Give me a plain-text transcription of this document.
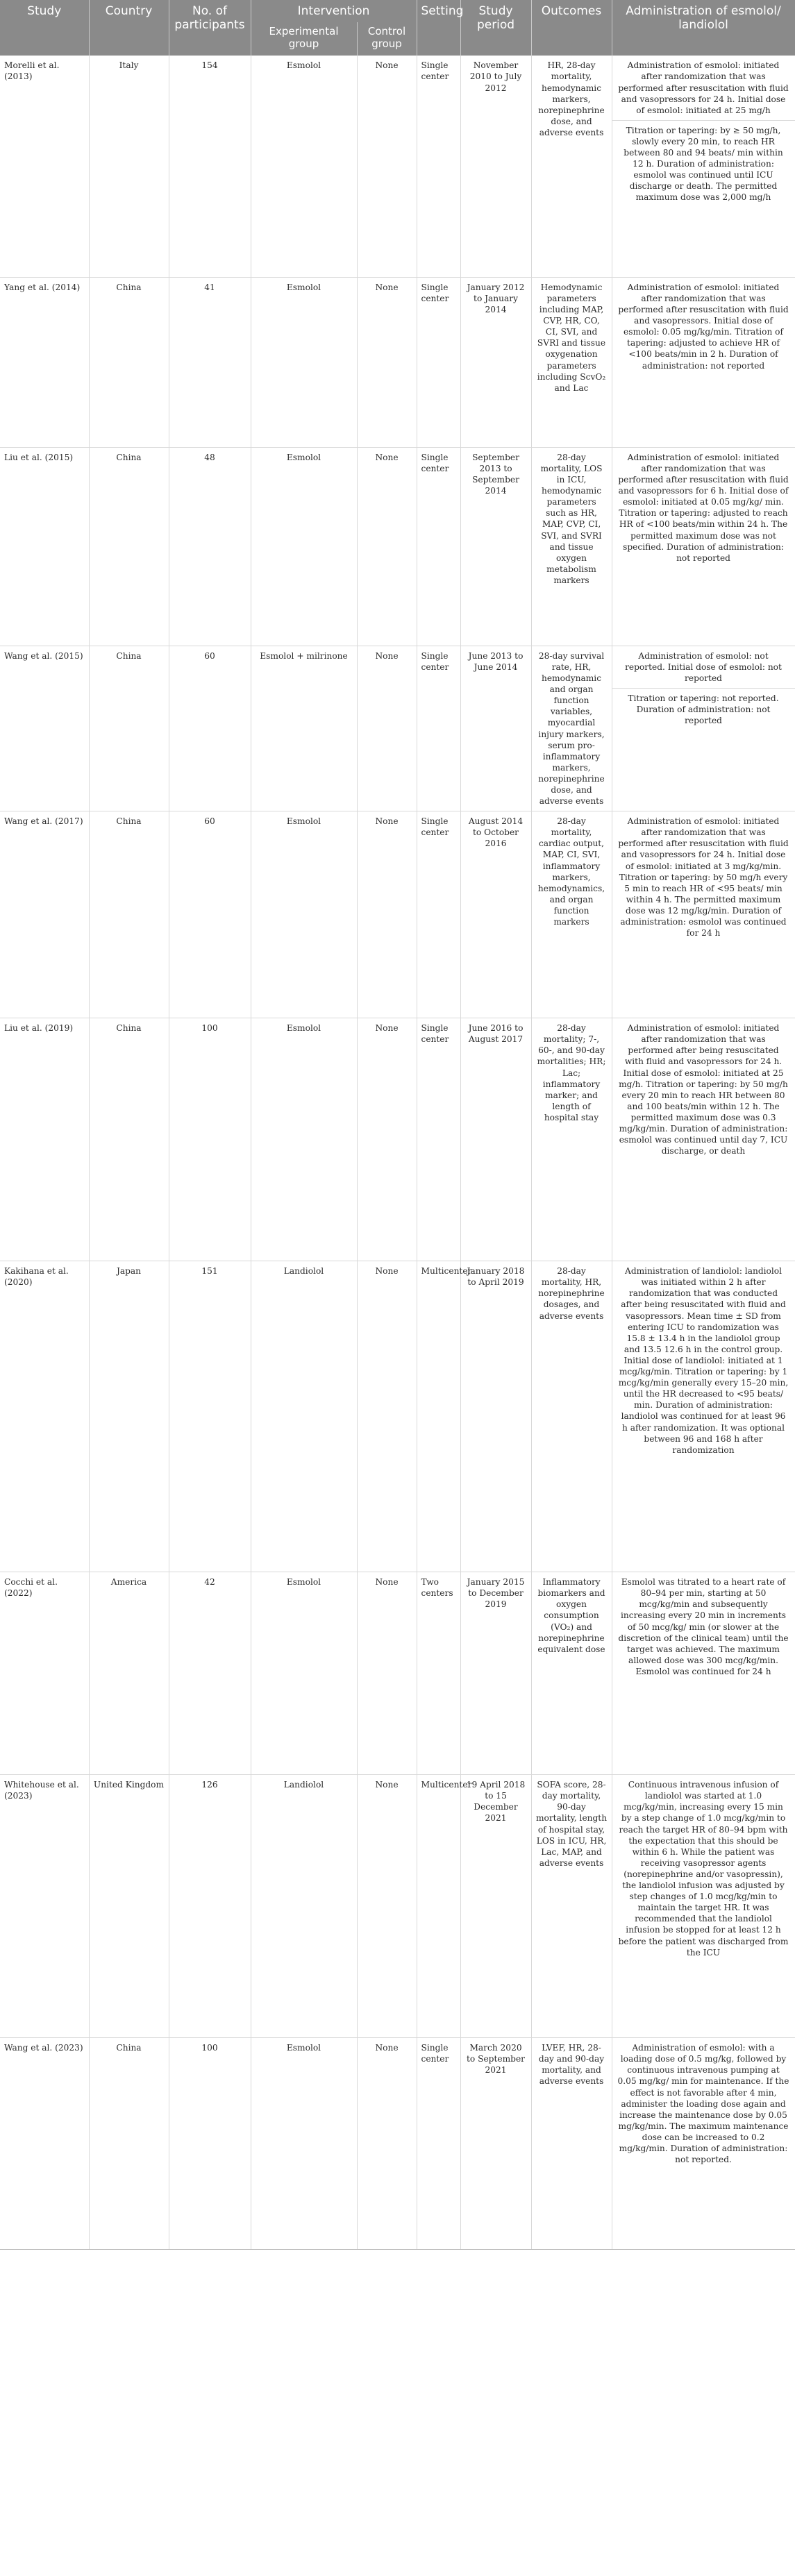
Study	Country	No. of participants	Intervention		Setting	Study period	Outcomes	Administration of esmolol/ landiolol
			Experimental group	Control group				
Morelli et al. (2013)	Italy	154	Esmolol	None	Single center	November 2010 to July 2012	HR, 28-day mortality, hemodynamic markers, norepinephrine dose, and adverse events	Administration of esmolol: initiated after randomization that was performed after resuscitation with fluid and vasopressors for 24 h. Initial dose of esmolol: initiated at 25 mg/h
Titration or tapering: by ≥ 50 mg/h, slowly every 20 min, to reach HR between 80 and 94 beats/ min within 12 h. Duration of administration: esmolol was continued until ICU discharge or death. The permitted maximum dose was 2,000 mg/h

Yang et al. (2014)	China	41	Esmolol	None	Single center	January 2012 to January 2014	Hemodynamic parameters including MAP, CVP, HR, CO, CI, SVI, and SVRI and tissue oxygenation parameters including ScvO₂ and Lac	Administration of esmolol: initiated after randomization that was performed after resuscitation with fluid and vasopressors. Initial dose of esmolol: 0.05 mg/kg/min. Titration of tapering: adjusted to achieve HR of <100 beats/min in 2 h. Duration of administration: not reported

Liu et al. (2015)	China	48	Esmolol	None	Single center	September 2013 to September 2014	28-day mortality, LOS in ICU, hemodynamic parameters such as HR, MAP, CVP, CI, SVI, and SVRI and tissue oxygen metabolism markers	Administration of esmolol: initiated after randomization that was performed after resuscitation with fluid and vasopressors for 6 h. Initial dose of esmolol: initiated at 0.05 mg/kg/ min. Titration or tapering: adjusted to reach HR of <100 beats/min within 24 h. The permitted maximum dose was not specified. Duration of administration: not reported

Wang et al. (2015)	China	60	Esmolol + milrinone	None	Single center	June 2013 to June 2014	28-day survival rate, HR, hemodynamic and organ function variables, myocardial injury markers, serum pro-inflammatory markers, norepinephrine dose, and adverse events	Administration of esmolol: not reported. Initial dose of esmolol: not reported
Titration or tapering: not reported. Duration of administration: not reported

Wang et al. (2017)	China	60	Esmolol	None	Single center	August 2014 to October 2016	28-day mortality, cardiac output, MAP, CI, SVI, inflammatory markers, hemodynamics, and organ function markers	Administration of esmolol: initiated after randomization that was performed after resuscitation with fluid and vasopressors for 24 h. Initial dose of esmolol: initiated at 3 mg/kg/min. Titration or tapering: by 50 mg/h every 5 min to reach HR of <95 beats/ min within 4 h. The permitted maximum dose was 12 mg/kg/min. Duration of administration: esmolol was continued for 24 h

Liu et al. (2019)	China	100	Esmolol	None	Single center	June 2016 to August 2017	28-day mortality; 7-, 60-, and 90-day mortalities; HR; Lac; inflammatory marker; and length of hospital stay	Administration of esmolol: initiated after randomization that was performed after being resuscitated with fluid and vasopressors for 24 h. Initial dose of esmolol: initiated at 25 mg/h. Titration or tapering: by 50 mg/h every 20 min to reach HR between 80 and 100 beats/min within 12 h. The permitted maximum dose was 0.3 mg/kg/min. Duration of administration: esmolol was continued until day 7, ICU discharge, or death

Kakihana et al. (2020)	Japan	151	Landiolol	None	Multicenter	January 2018 to April 2019	28-day mortality, HR, norepinephrine dosages, and adverse events	Administration of landiolol: landiolol was initiated within 2 h after randomization that was conducted after being resuscitated with fluid and vasopressors. Mean time ± SD from entering ICU to randomization was 15.8 ± 13.4 h in the landiolol group and 13.5 12.6 h in the control group. Initial dose of landiolol: initiated at 1 mcg/kg/min. Titration or tapering: by 1 mcg/kg/min generally every 15–20 min, until the HR decreased to <95 beats/ min. Duration of administration: landiolol was continued for at least 96 h after randomization. It was optional between 96 and 168 h after randomization

Cocchi et al. (2022)	America	42	Esmolol	None	Two centers	January 2015 to December 2019	Inflammatory biomarkers and oxygen consumption (VO₂) and norepinephrine equivalent dose	Esmolol was titrated to a heart rate of 80–94 per min, starting at 50 mcg/kg/min and subsequently increasing every 20 min in increments of 50 mcg/kg/ min (or slower at the discretion of the clinical team) until the target was achieved. The maximum allowed dose was 300 mcg/kg/min. Esmolol was continued for 24 h

Whitehouse et al. (2023)	United Kingdom	126	Landiolol	None	Multicenter	19 April 2018 to 15 December 2021	SOFA score, 28-day mortality, 90-day mortality, length of hospital stay, LOS in ICU, HR, Lac, MAP, and adverse events	Continuous intravenous infusion of landiolol was started at 1.0 mcg/kg/min, increasing every 15 min by a step change of 1.0 mcg/kg/min to reach the target HR of 80–94 bpm with the expectation that this should be within 6 h. While the patient was receiving vasopressor agents (norepinephrine and/or vasopressin), the landiolol infusion was adjusted by step changes of 1.0 mcg/kg/min to maintain the target HR. It was recommended that the landiolol infusion be stopped for at least 12 h before the patient was discharged from the ICU

Wang et al. (2023)	China	100	Esmolol	None	Single center	March 2020 to September 2021	LVEF, HR, 28-day and 90-day mortality, and adverse events	Administration of esmolol: with a loading dose of 0.5 mg/kg, followed by continuous intravenous pumping at 0.05 mg/kg/ min for maintenance. If the effect is not favorable after 4 min, administer the loading dose again and increase the maintenance dose by 0.05 mg/kg/min. The maximum maintenance dose can be increased to 0.2 mg/kg/min. Duration of administration: not reported.
